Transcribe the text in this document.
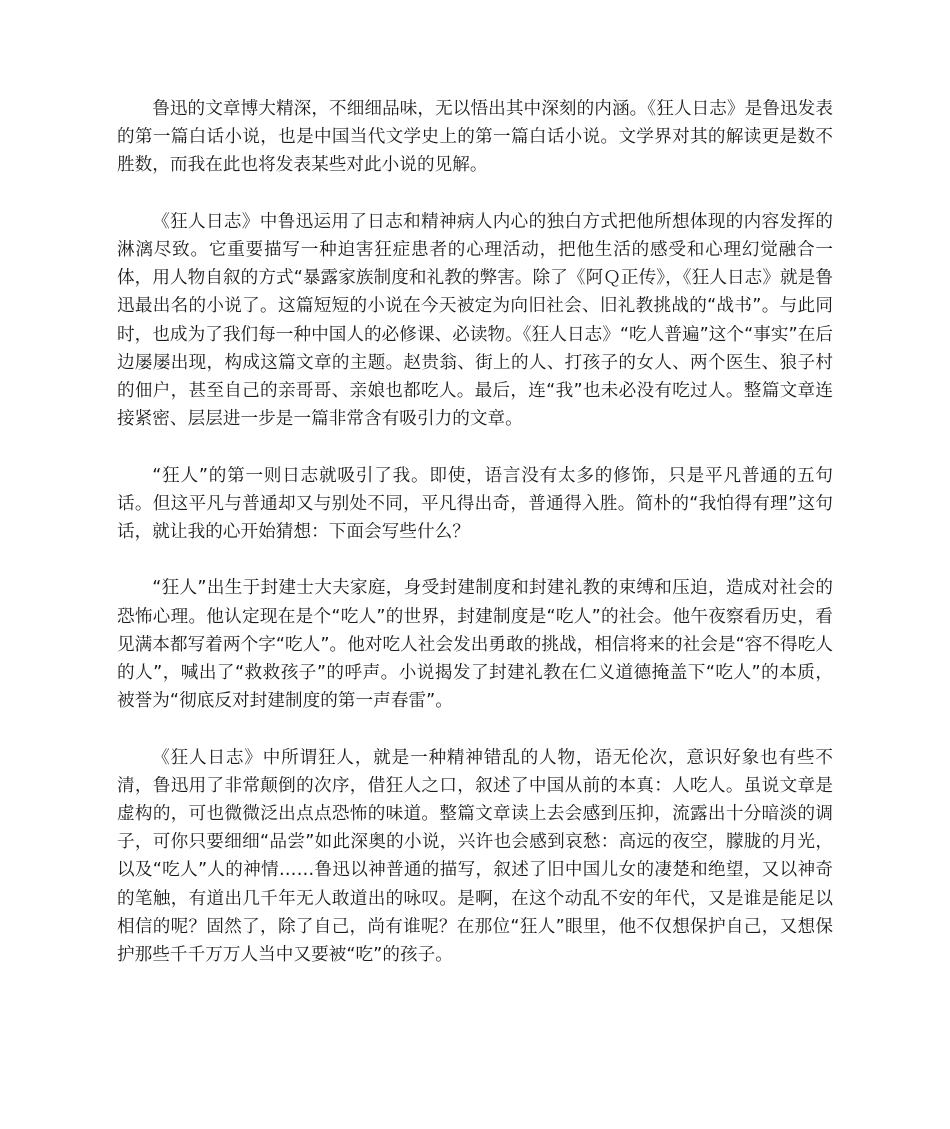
鲁迅的文章博大精深，不细细品味，无以悟出其中深刻的内涵。《狂人日志》是鲁迅发表的第一篇白话小说，也是中国当代文学史上的第一篇白话小说。文学界对其的解读更是数不胜数，而我在此也将发表某些对此小说的见解。

《狂人日志》中鲁迅运用了日志和精神病人内心的独白方式把他所想体现的内容发挥的淋漓尽致。它重要描写一种迫害狂症患者的心理活动，把他生活的感受和心理幻觉融合一体，用人物自叙的方式“暴露家族制度和礼教的弊害。除了《阿Ｑ正传》，《狂人日志》就是鲁迅最出名的小说了。这篇短短的小说在今天被定为向旧社会、旧礼教挑战的“战书”。与此同时，也成为了我们每一种中国人的必修课、必读物。《狂人日志》“吃人普遍”这个“事实”在后边屡屡出现，构成这篇文章的主题。赵贵翁、街上的人、打孩子的女人、两个医生、狼子村的佃户，甚至自己的亲哥哥、亲娘也都吃人。最后，连“我”也未必没有吃过人。整篇文章连接紧密、层层进一步是一篇非常含有吸引力的文章。

“狂人”的第一则日志就吸引了我。即使，语言没有太多的修饰，只是平凡普通的五句话。但这平凡与普通却又与别处不同，平凡得出奇，普通得入胜。简朴的“我怕得有理”这句话，就让我的心开始猜想：下面会写些什么？

“狂人”出生于封建士大夫家庭，身受封建制度和封建礼教的束缚和压迫，造成对社会的恐怖心理。他认定现在是个“吃人”的世界，封建制度是“吃人”的社会。他午夜察看历史，看见满本都写着两个字“吃人”。他对吃人社会发出勇敢的挑战，相信将来的社会是“容不得吃人的人”，喊出了“救救孩子”的呼声。小说揭发了封建礼教在仁义道德掩盖下“吃人”的本质，被誉为“彻底反对封建制度的第一声春雷”。

《狂人日志》中所谓狂人，就是一种精神错乱的人物，语无伦次，意识好象也有些不清，鲁迅用了非常颠倒的次序，借狂人之口，叙述了中国从前的本真：人吃人。虽说文章是虚构的，可也微微泛出点点恐怖的味道。整篇文章读上去会感到压抑，流露出十分暗淡的调子，可你只要细细“品尝”如此深奥的小说，兴许也会感到哀愁：高远的夜空，朦胧的月光，以及“吃人”人的神情……鲁迅以神普通的描写，叙述了旧中国儿女的凄楚和绝望，又以神奇的笔触，有道出几千年无人敢道出的咏叹。是啊，在这个动乱不安的年代，又是谁是能足以相信的呢？固然了，除了自己，尚有谁呢？在那位“狂人”眼里，他不仅想保护自己，又想保护那些千千万万人当中又要被“吃”的孩子。
